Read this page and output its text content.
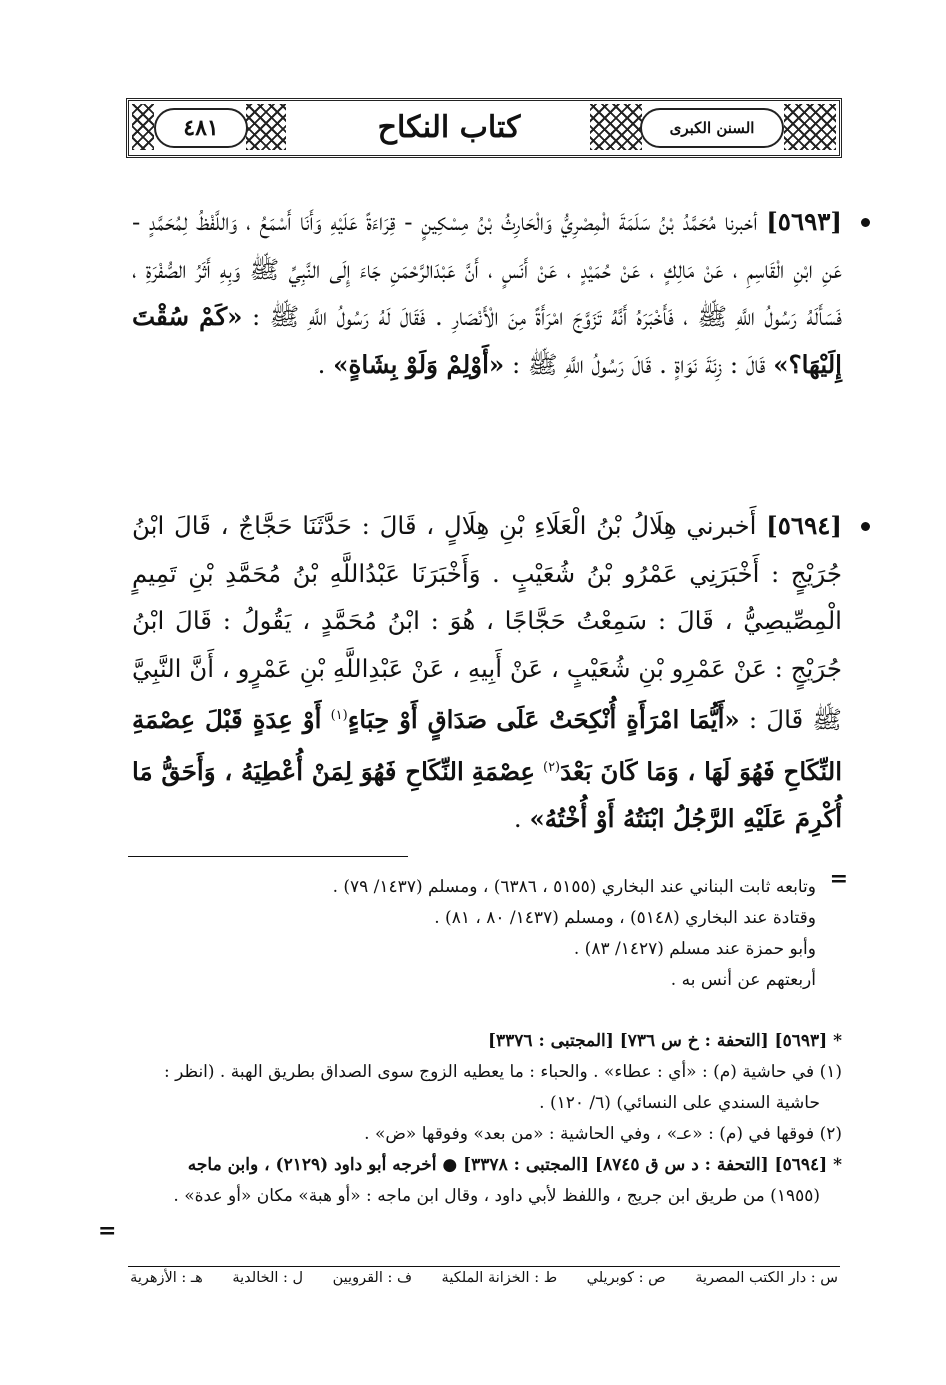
السنن الكبرى
كتاب النكاح
٤٨١
[٥٦٩٣] أخبرنا مُحَمَّدُ بْنُ سَلَمَةَ الْمِصْرِيُّ وَالْحَارِثُ بْنُ مِسْكِينٍ - قِرَاءَةً عَلَيْهِ وَأَنَا أَسْمَعُ ، وَاللَّفْظُ لِمُحَمَّدٍ - عَنِ ابْنِ الْقَاسِمِ ، عَنْ مَالِكٍ ، عَنْ حُمَيْدٍ ، عَنْ أَنَسٍ ، أَنَّ عَبْدَالرَّحْمَنِ جَاءَ إِلَى النَّبِيِّ ﷺ وَبِهِ أَثَرُ الصُّفْرَةِ ، فَسَأَلَهُ رَسُولُ اللَّهِ ﷺ ، فَأَخْبَرَهُ أَنَّهُ تَزَوَّجَ امْرَأَةً مِنَ الْأَنْصَارِ . فَقَالَ لَهُ رَسُولُ اللَّهِ ﷺ : «كَمْ سُقْتَ إِلَيْهَا؟» قَالَ : زِنَةَ نَوَاةٍ . قَالَ رَسُولُ اللَّهِ ﷺ : «أَوْلِمْ وَلَوْ بِشَاةٍ» .
[٥٦٩٤] أَخبرني هِلَالُ بْنُ الْعَلَاءِ بْنِ هِلَالٍ ، قَالَ : حَدَّثَنَا حَجَّاجٌ ، قَالَ ابْنُ جُرَيْجٍ : أَخْبَرَنِي عَمْرُو بْنُ شُعَيْبٍ . وَأَخْبَرَنَا عَبْدُاللَّهِ بْنُ مُحَمَّدِ بْنِ تَمِيمٍ الْمِصِّيصِيُّ ، قَالَ : سَمِعْتُ حَجَّاجًا ، هُوَ : ابْنُ مُحَمَّدٍ ، يَقُولُ : قَالَ ابْنُ جُرَيْجٍ : عَنْ عَمْرِو بْنِ شُعَيْبٍ ، عَنْ أَبِيهِ ، عَنْ عَبْدِاللَّهِ بْنِ عَمْرٍو ، أَنَّ النَّبِيَّ ﷺ قَالَ : «أَيُّمَا امْرَأَةٍ أُنْكِحَتْ عَلَى صَدَاقٍ أَوْ حِبَاءٍ$^{(١)}$ أَوْ عِدَةٍ قَبْلَ عِصْمَةِ النِّكَاحِ فَهُوَ لَهَا ، وَمَا كَانَ بَعْدَ$^{(٢)}$ عِصْمَةِ النِّكَاحِ فَهُوَ لِمَنْ أُعْطِيَهُ ، وَأَحَقُّ مَا أُكْرِمَ عَلَيْهِ الرَّجُلُ ابْنَتُهُ أَوْ أُخْتُهُ» .
=
وتابعه ثابت البناني عند البخاري (٥١٥٥ ، ٦٣٨٦) ، ومسلم (١٤٣٧/ ٧٩) .
وقتادة عند البخاري (٥١٤٨) ، ومسلم (١٤٣٧/ ٨٠ ، ٨١) .
وأبو حمزة عند مسلم (١٤٢٧/ ٨٣) .
أربعتهم عن أنس به .
* [٥٦٩٣] [التحفة : خ س ٧٣٦] [المجتبى : ٣٣٧٦]
(١) في حاشية (م) : «أي : عطاء» . والحباء : ما يعطيه الزوج سوى الصداق بطريق الهبة . (انظر :
حاشية السندي على النسائي) (٦/ ١٢٠) .
(٢) فوقها في (م) : «عـ» ، وفي الحاشية : «من بعد» وفوقها «ض» .
* [٥٦٩٤] [التحفة : د س ق ٨٧٤٥] [المجتبى : ٣٣٧٨] ● أخرجه أبو داود (٢١٢٩) ، وابن ماجه
(١٩٥٥) من طريق ابن جريج ، واللفظ لأبي داود ، وقال ابن ماجه : «أو هبة» مكان «أو عدة» .
=
س : دار الكتب المصرية
ص : كوبريلي
ط : الخزانة الملكية
ف : القرويين
ل : الخالدية
هـ : الأزهرية
